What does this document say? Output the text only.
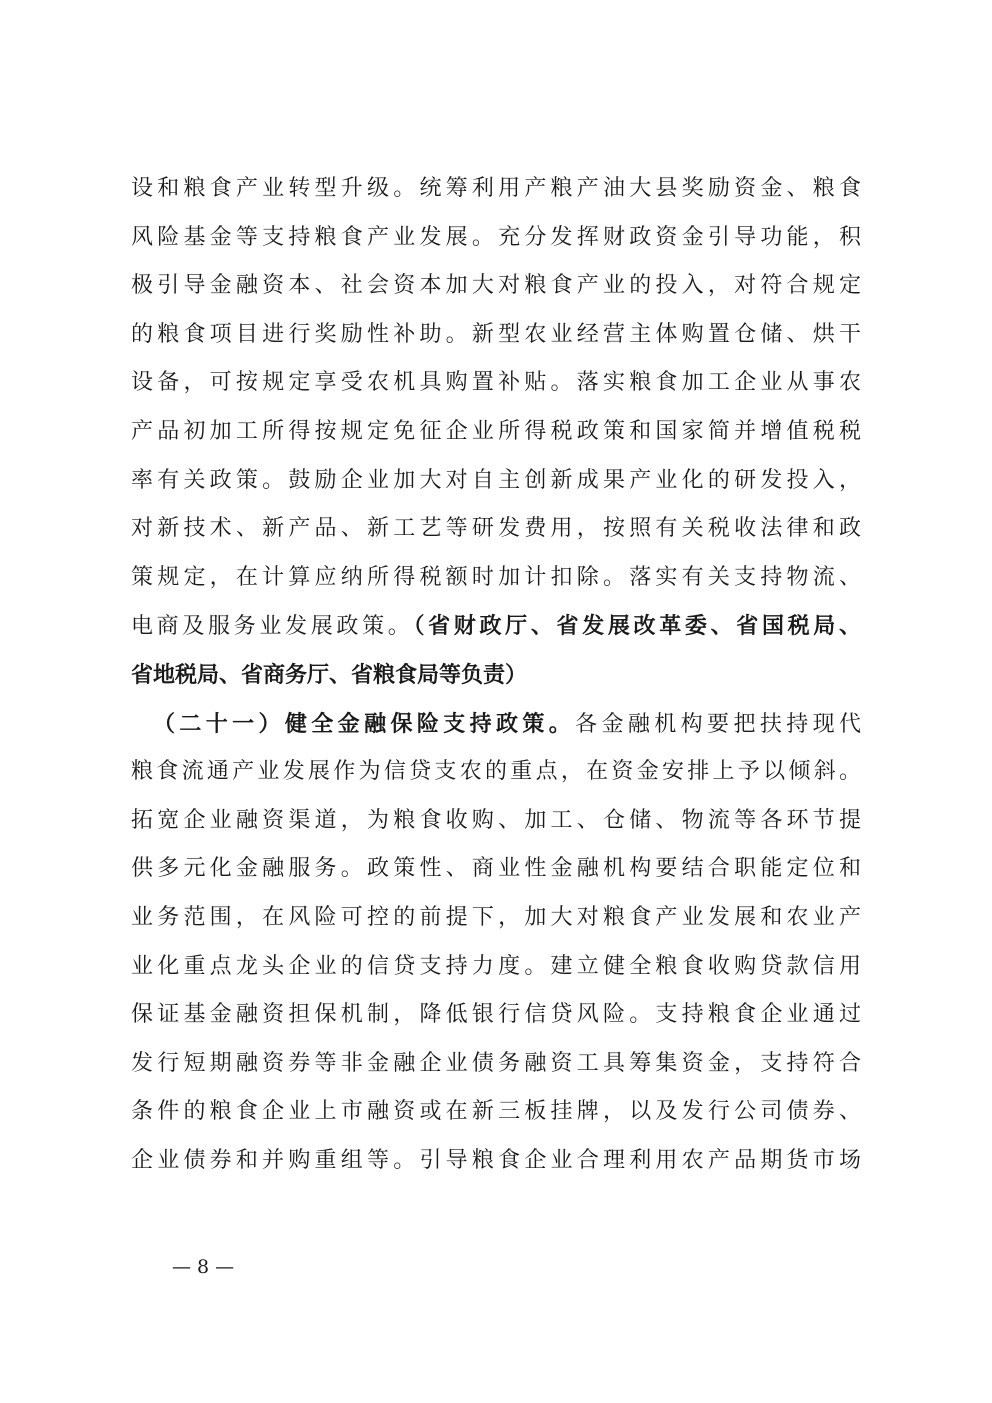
设和粮食产业转型升级。统筹利用产粮产油大县奖励资金、粮食
风险基金等支持粮食产业发展。充分发挥财政资金引导功能，积
极引导金融资本、社会资本加大对粮食产业的投入，对符合规定
的粮食项目进行奖励性补助。新型农业经营主体购置仓储、烘干
设备，可按规定享受农机具购置补贴。落实粮食加工企业从事农
产品初加工所得按规定免征企业所得税政策和国家简并增值税税
率有关政策。鼓励企业加大对自主创新成果产业化的研发投入，
对新技术、新产品、新工艺等研发费用，按照有关税收法律和政
策规定，在计算应纳所得税额时加计扣除。落实有关支持物流、
电商及服务业发展政策。（省财政厅、省发展改革委、省国税局、
省地税局、省商务厅、省粮食局等负责）
（二十一）健全金融保险支持政策。各金融机构要把扶持现代
粮食流通产业发展作为信贷支农的重点，在资金安排上予以倾斜。
拓宽企业融资渠道，为粮食收购、加工、仓储、物流等各环节提
供多元化金融服务。政策性、商业性金融机构要结合职能定位和
业务范围，在风险可控的前提下，加大对粮食产业发展和农业产
业化重点龙头企业的信贷支持力度。建立健全粮食收购贷款信用
保证基金融资担保机制，降低银行信贷风险。支持粮食企业通过
发行短期融资券等非金融企业债务融资工具筹集资金，支持符合
条件的粮食企业上市融资或在新三板挂牌，以及发行公司债券、
企业债券和并购重组等。引导粮食企业合理利用农产品期货市场
— 8 —
